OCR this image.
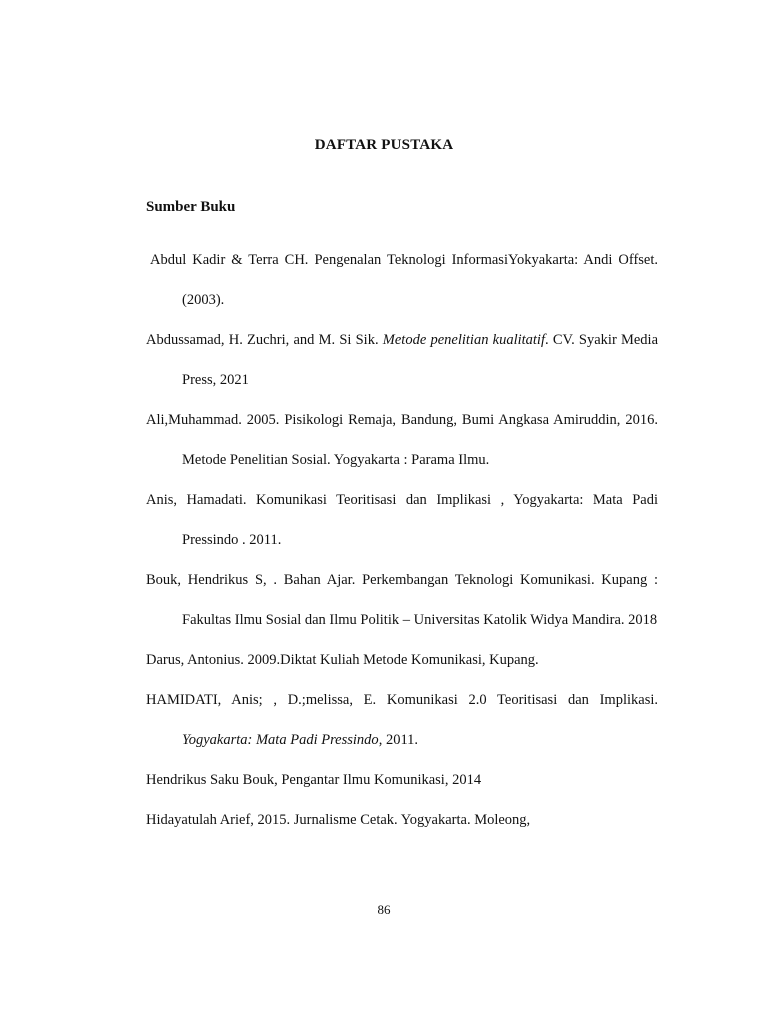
DAFTAR PUSTAKA
Sumber Buku
Abdul Kadir & Terra CH. Pengenalan Teknologi InformasiYokyakarta: Andi Offset. (2003).
Abdussamad, H. Zuchri, and M. Si Sik. Metode penelitian kualitatif. CV. Syakir Media Press, 2021
Ali,Muhammad. 2005. Pisikologi Remaja, Bandung, Bumi Angkasa Amiruddin, 2016. Metode Penelitian Sosial. Yogyakarta : Parama Ilmu.
Anis, Hamadati. Komunikasi Teoritisasi dan Implikasi , Yogyakarta: Mata Padi Pressindo . 2011.
Bouk, Hendrikus S, . Bahan Ajar. Perkembangan Teknologi Komunikasi. Kupang : Fakultas Ilmu Sosial dan Ilmu Politik – Universitas Katolik Widya Mandira. 2018
Darus, Antonius. 2009.Diktat Kuliah Metode Komunikasi, Kupang.
HAMIDATI, Anis; , D.;melissa, E. Komunikasi 2.0 Teoritisasi dan Implikasi. Yogyakarta: Mata Padi Pressindo, 2011.
Hendrikus Saku Bouk, Pengantar Ilmu Komunikasi, 2014
Hidayatulah Arief, 2015. Jurnalisme Cetak. Yogyakarta. Moleong,
86
